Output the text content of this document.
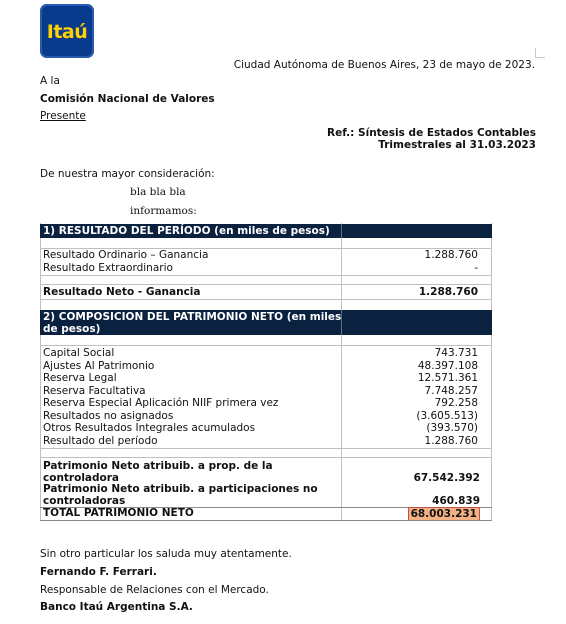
Itaú
Ciudad Autónoma de Buenos Aires, 23 de mayo de 2023.
A la
Comisión Nacional de Valores
Presente
Ref.: Síntesis de Estados Contables
Trimestrales al 31.03.2023
De nuestra mayor consideración:
bla bla bla
informamos:
1) RESULTADO DEL PERÍODO (en miles de pesos)
Resultado Ordinario – Ganancia	1.288.760
Resultado Extraordinario	-
Resultado Neto - Ganancia	1.288.760
2) COMPOSICION DEL PATRIMONIO NETO (en miles
de pesos)
Capital Social	743.731
Ajustes Al Patrimonio	48.397.108
Reserva Legal	12.571.361
Reserva Facultativa	7.748.257
Reserva Especial Aplicación NIIF primera vez	792.258
Resultados no asignados	(3.605.513)
Otros Resultados Integrales acumulados	(393.570)
Resultado del período	1.288.760
Patrimonio Neto atribuib. a prop. de la
controladora	67.542.392
Patrimonio Neto atribuib. a participaciones no
controladoras	460.839
TOTAL PATRIMONIO NETO	68.003.231
Sin otro particular los saluda muy atentamente.
Fernando F. Ferrari.
Responsable de Relaciones con el Mercado.
Banco Itaú Argentina S.A.
